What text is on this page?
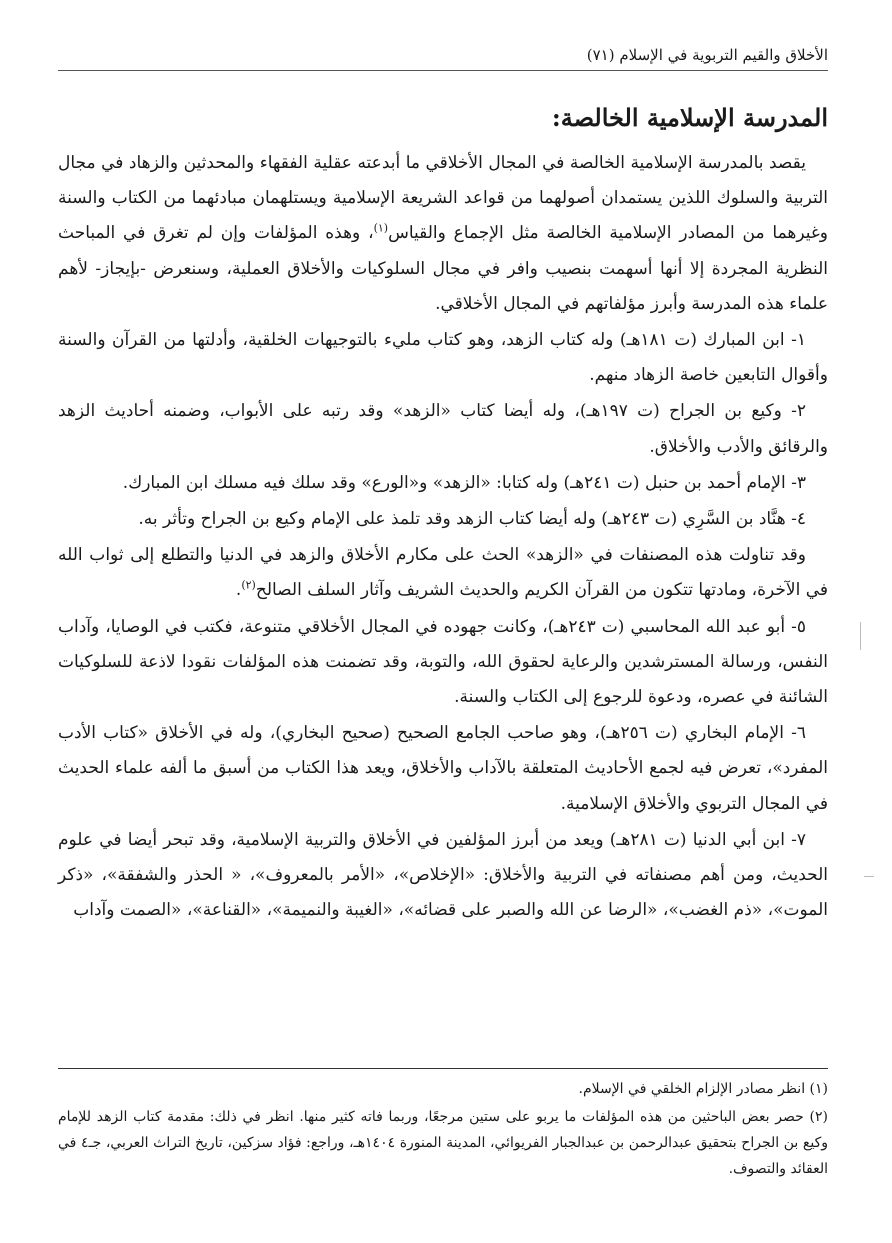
الأخلاق والقيم التربوية في الإسلام (٧١)
المدرسة الإسلامية الخالصة:

يقصد بالمدرسة الإسلامية الخالصة في المجال الأخلاقي ما أبدعته عقلية الفقهاء والمحدثين والزهاد في مجال التربية والسلوك اللذين يستمدان أصولهما من قواعد الشريعة الإسلامية ويستلهمان مبادئهما من الكتاب والسنة وغيرهما من المصادر الإسلامية الخالصة مثل الإجماع والقياس$^{(١)}$، وهذه المؤلفات وإن لم تغرق في المباحث النظرية المجردة إلا أنها أسهمت بنصيب وافر في مجال السلوكيات والأخلاق العملية، وسنعرض -بإيجاز- لأهم علماء هذه المدرسة وأبرز مؤلفاتهم في المجال الأخلاقي.

١- ابن المبارك (ت ١٨١هـ) وله كتاب الزهد، وهو كتاب مليء بالتوجيهات الخلقية، وأدلتها من القرآن والسنة وأقوال التابعين خاصة الزهاد منهم.

٢- وكيع بن الجراح (ت ١٩٧هـ)، وله أيضا كتاب «الزهد» وقد رتبه على الأبواب، وضمنه أحاديث الزهد والرقائق والأدب والأخلاق.

٣- الإمام أحمد بن حنبل (ت ٢٤١هـ) وله كتابا: «الزهد» و«الورع» وقد سلك فيه مسلك ابن المبارك.

٤- هنَّاد بن السَّرِي (ت ٢٤٣هـ) وله أيضا كتاب الزهد وقد تلمذ على الإمام وكيع بن الجراح وتأثر به.

وقد تناولت هذه المصنفات في «الزهد» الحث على مكارم الأخلاق والزهد في الدنيا والتطلع إلى ثواب الله في الآخرة، ومادتها تتكون من القرآن الكريم والحديث الشريف وآثار السلف الصالح$^{(٢)}$.

٥- أبو عبد الله المحاسبي (ت ٢٤٣هـ)، وكانت جهوده في المجال الأخلاقي متنوعة، فكتب في الوصايا، وآداب النفس، ورسالة المسترشدين والرعاية لحقوق الله، والتوبة، وقد تضمنت هذه المؤلفات نقودا لاذعة للسلوكيات الشائنة في عصره، ودعوة للرجوع إلى الكتاب والسنة.

٦- الإمام البخاري (ت ٢٥٦هـ)، وهو صاحب الجامع الصحيح (صحيح البخاري)، وله في الأخلاق «كتاب الأدب المفرد»، تعرض فيه لجمع الأحاديث المتعلقة بالآداب والأخلاق، ويعد هذا الكتاب من أسبق ما ألفه علماء الحديث في المجال التربوي والأخلاق الإسلامية.

٧- ابن أبي الدنيا (ت ٢٨١هـ) ويعد من أبرز المؤلفين في الأخلاق والتربية الإسلامية، وقد تبحر أيضا في علوم الحديث، ومن أهم مصنفاته في التربية والأخلاق: «الإخلاص»، «الأمر بالمعروف»، « الحذر والشفقة»، «ذكر الموت»، «ذم الغضب»، «الرضا عن الله والصبر على قضائه»، «الغيبة والنميمة»، «القناعة»، «الصمت وآداب

(١) انظر مصادر الإلزام الخلقي في الإسلام.

(٢) حصر بعض الباحثين من هذه المؤلفات ما يربو على ستين مرجعًا، وربما فاته كثير منها. انظر في ذلك: مقدمة كتاب الزهد للإمام وكيع بن الجراح بتحقيق عبدالرحمن بن عبدالجبار الفريوائي، المدينة المنورة ١٤٠٤هـ، وراجع: فؤاد سزكين، تاريخ التراث العربي، جـ٤ في العقائد والتصوف.
